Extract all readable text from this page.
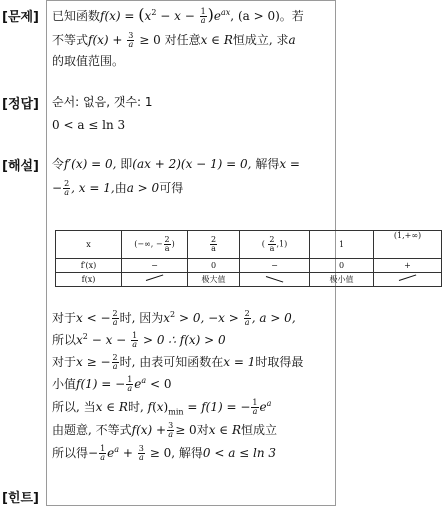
[문제]
[정답]
[해설]
[힌트]
已知函数$f(x) = (x^2 - x - \frac{1}{a} )e^{ax}$, (a > 0)。若
不等式$f(x) + \frac{3}{a} \ge 0$ 对任意x ∈ R恒成立, 求a
的取值范围。
순서: 없음, 갯수: 1
0 < a ≤ ln 3
令f′(x) = 0, 即(ax + 2)(x − 1) = 0, 解得x =
− $\frac{2}{a}$ , x = 1,由a > 0可得
x	(−∞, − $\frac{2}{a}$ )	$\frac{2}{a}$	( $\frac{2}{a} ,1$)	1	(1,+∞)
f′(x)	−	0	−	0	+
f(x)		极大值		极小值	
对于x < − $\frac{2}{a}$ 时, 因为$x^2 > 0$, $-x > \frac{2}{a}$ , a > 0,
所以$x^2 - x - \frac{1}{a} > 0$ ∴ f(x) > 0
对于x ≥ − $\frac{2}{a}$ 时, 由表可知函数在x = 1时取得最
小值f(1) = − $\frac{1}{a} e^a < 0$
所以, 当x ∈ R时, $f(x)_{min} = f(1)$ = − $\frac{1}{a} e^a$
由题意, 不等式$f(x) + \frac{3}{a} \ge 0$对x ∈ R恒成立
所以得− $\frac{1}{a} e^a + \frac{3}{a} \ge 0$, 解得0 < a ≤ ln 3
